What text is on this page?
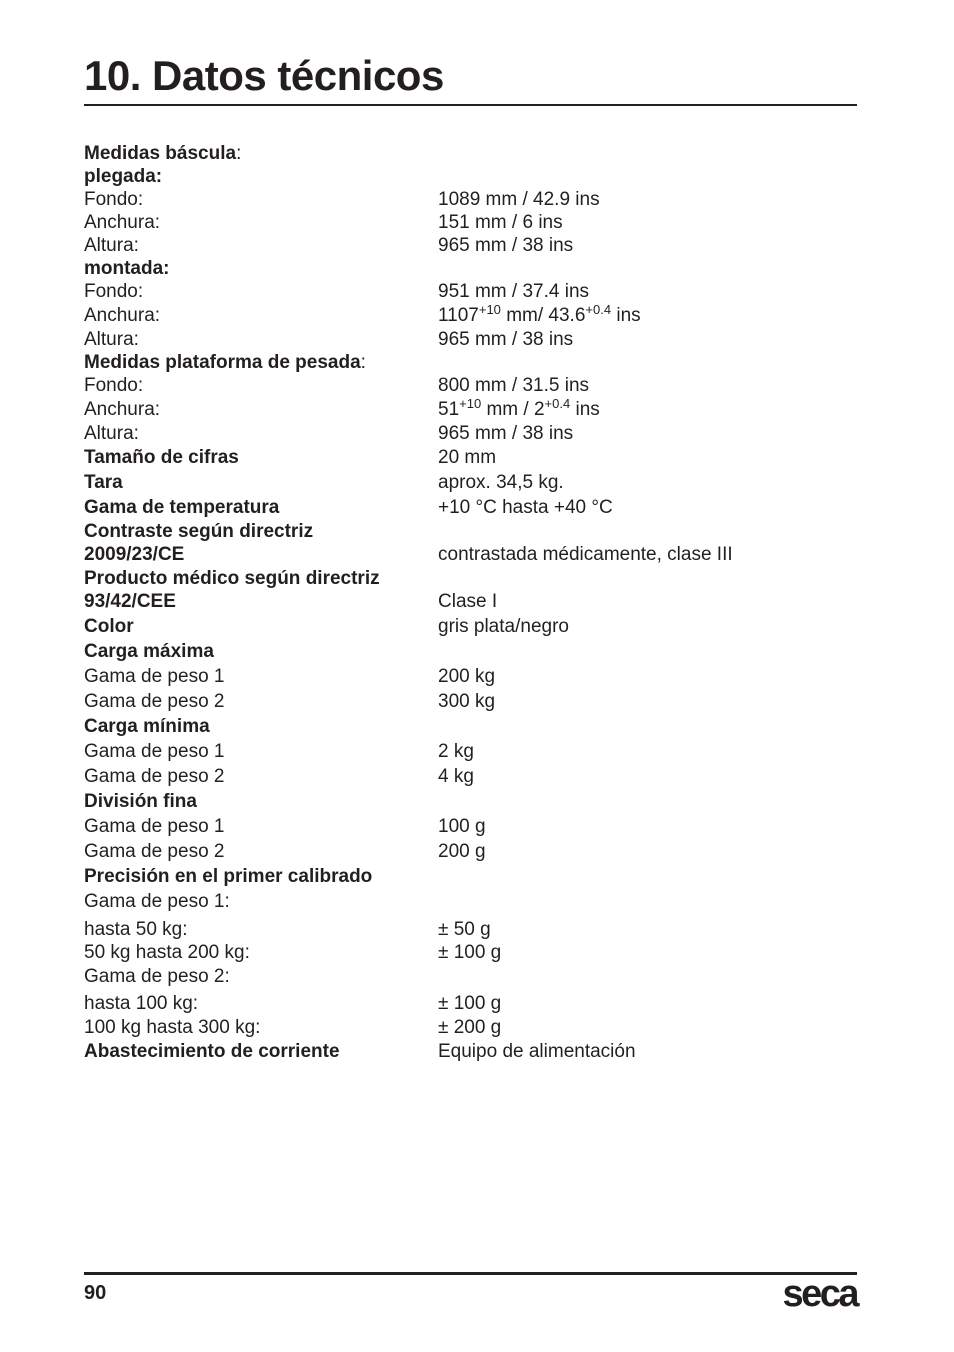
10. Datos técnicos
Medidas báscula:
plegada:
Fondo:	1089 mm / 42.9 ins
Anchura:	151 mm / 6 ins
Altura:	965 mm / 38 ins
montada:
Fondo:	951 mm / 37.4 ins
Anchura:	$1107^{+10}$ mm/ $43.6^{+0.4}$ ins
Altura:	965 mm / 38 ins
Medidas plataforma de pesada:
Fondo:	800 mm / 31.5 ins
Anchura:	$51^{+10}$ mm / $2^{+0.4}$ ins
Altura:	965 mm / 38 ins
Tamaño de cifras	20 mm
Tara	aprox. 34,5 kg.
Gama de temperatura	+10 °C hasta +40 °C
Contraste según directriz
2009/23/CE	contrastada médicamente, clase III
Producto médico según directriz
93/42/CEE	Clase I
Color	gris plata/negro
Carga máxima
Gama de peso 1	200 kg
Gama de peso 2	300 kg
Carga mínima
Gama de peso 1	2 kg
Gama de peso 2	4 kg
División fina
Gama de peso 1	100 g
Gama de peso 2	200 g
Precisión en el primer calibrado
Gama de peso 1:
hasta 50 kg:	± 50 g
50 kg hasta 200 kg:	± 100 g
Gama de peso 2:
hasta 100 kg:	± 100 g
100 kg hasta 300 kg:	± 200 g
Abastecimiento de corriente	Equipo de alimentación
90	seca
